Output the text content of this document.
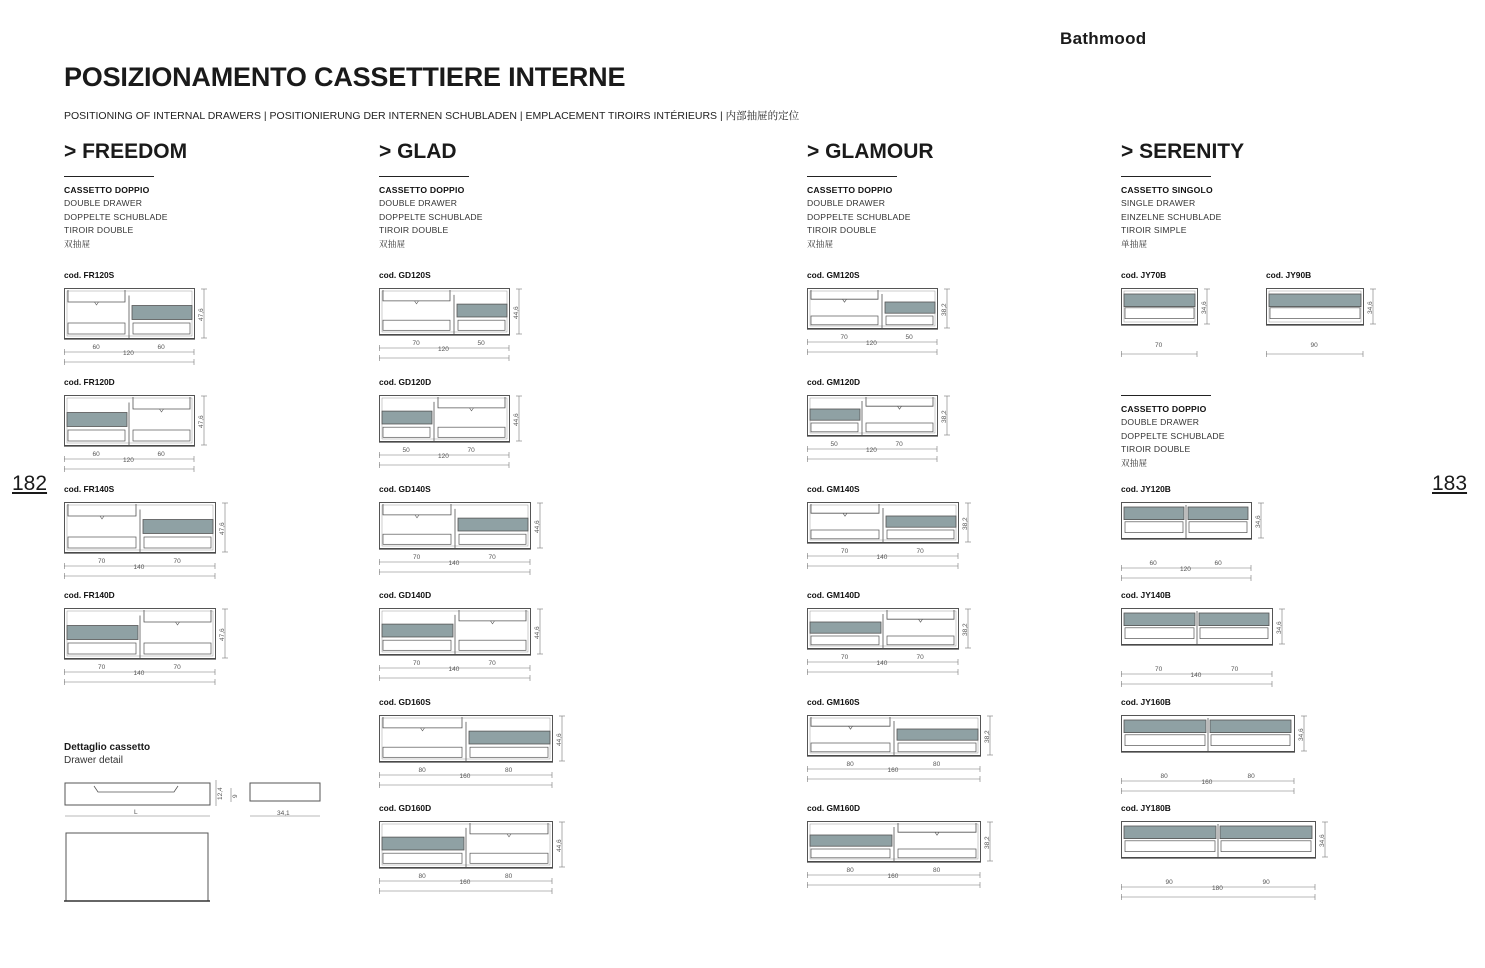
Bathmood
POSIZIONAMENTO CASSETTIERE INTERNE
POSITIONING OF INTERNAL DRAWERS | POSITIONIERUNG DER INTERNEN SCHUBLADEN | EMPLACEMENT TIROIRS INTÉRIEURS | 内部抽屉的定位
182	183
> FREEDOM	> GLAD	> GLAMOUR	> SERENITY
CASSETTO DOPPIO
DOUBLE DRAWER
DOPPELTE SCHUBLADE
TIROIR DOUBLE
双抽屉
CASSETTO DOPPIO
DOUBLE DRAWER
DOPPELTE SCHUBLADE
TIROIR DOUBLE
双抽屉
CASSETTO DOPPIO
DOUBLE DRAWER
DOPPELTE SCHUBLADE
TIROIR DOUBLE
双抽屉
CASSETTO SINGOLO
SINGLE DRAWER
EINZELNE SCHUBLADE
TIROIR SIMPLE
单抽屉
CASSETTO DOPPIO
DOUBLE DRAWER
DOPPELTE SCHUBLADE
TIROIR DOUBLE
双抽屉
Dettaglio cassetto
Drawer detail
L
12,4 9
34,1
cod. FR120S
47,6
60	60
120
cod. FR120D
47,6
60	60
120
cod. FR140S
47,6
70	70
140
cod. FR140D
47,6
70	70
140
cod. GD120S
44,6
70	50
120
cod. GD120D
44,6
50	70
120
cod. GD140S
44,6
70	70
140
cod. GD140D
44,6
70	70
140
cod. GD160S
44,6
80	80
160
cod. GD160D
44,6
80	80
160
cod. GM120S
38,2
70	50
120
cod. GM120D
38,2
50	70
120
cod. GM140S
38,2
70	70
140
cod. GM140D
38,2
70	70
140
cod. GM160S
38,2
80	80
160
cod. GM160D
38,2
80	80
160
cod. JY70B
34,6
70
cod. JY90B
34,6
90
cod. JY120B
34,6
60	60
120
cod. JY140B
34,6
70	70
140
cod. JY160B
34,6
80	80
160
cod. JY180B
34,6
90	90
180
